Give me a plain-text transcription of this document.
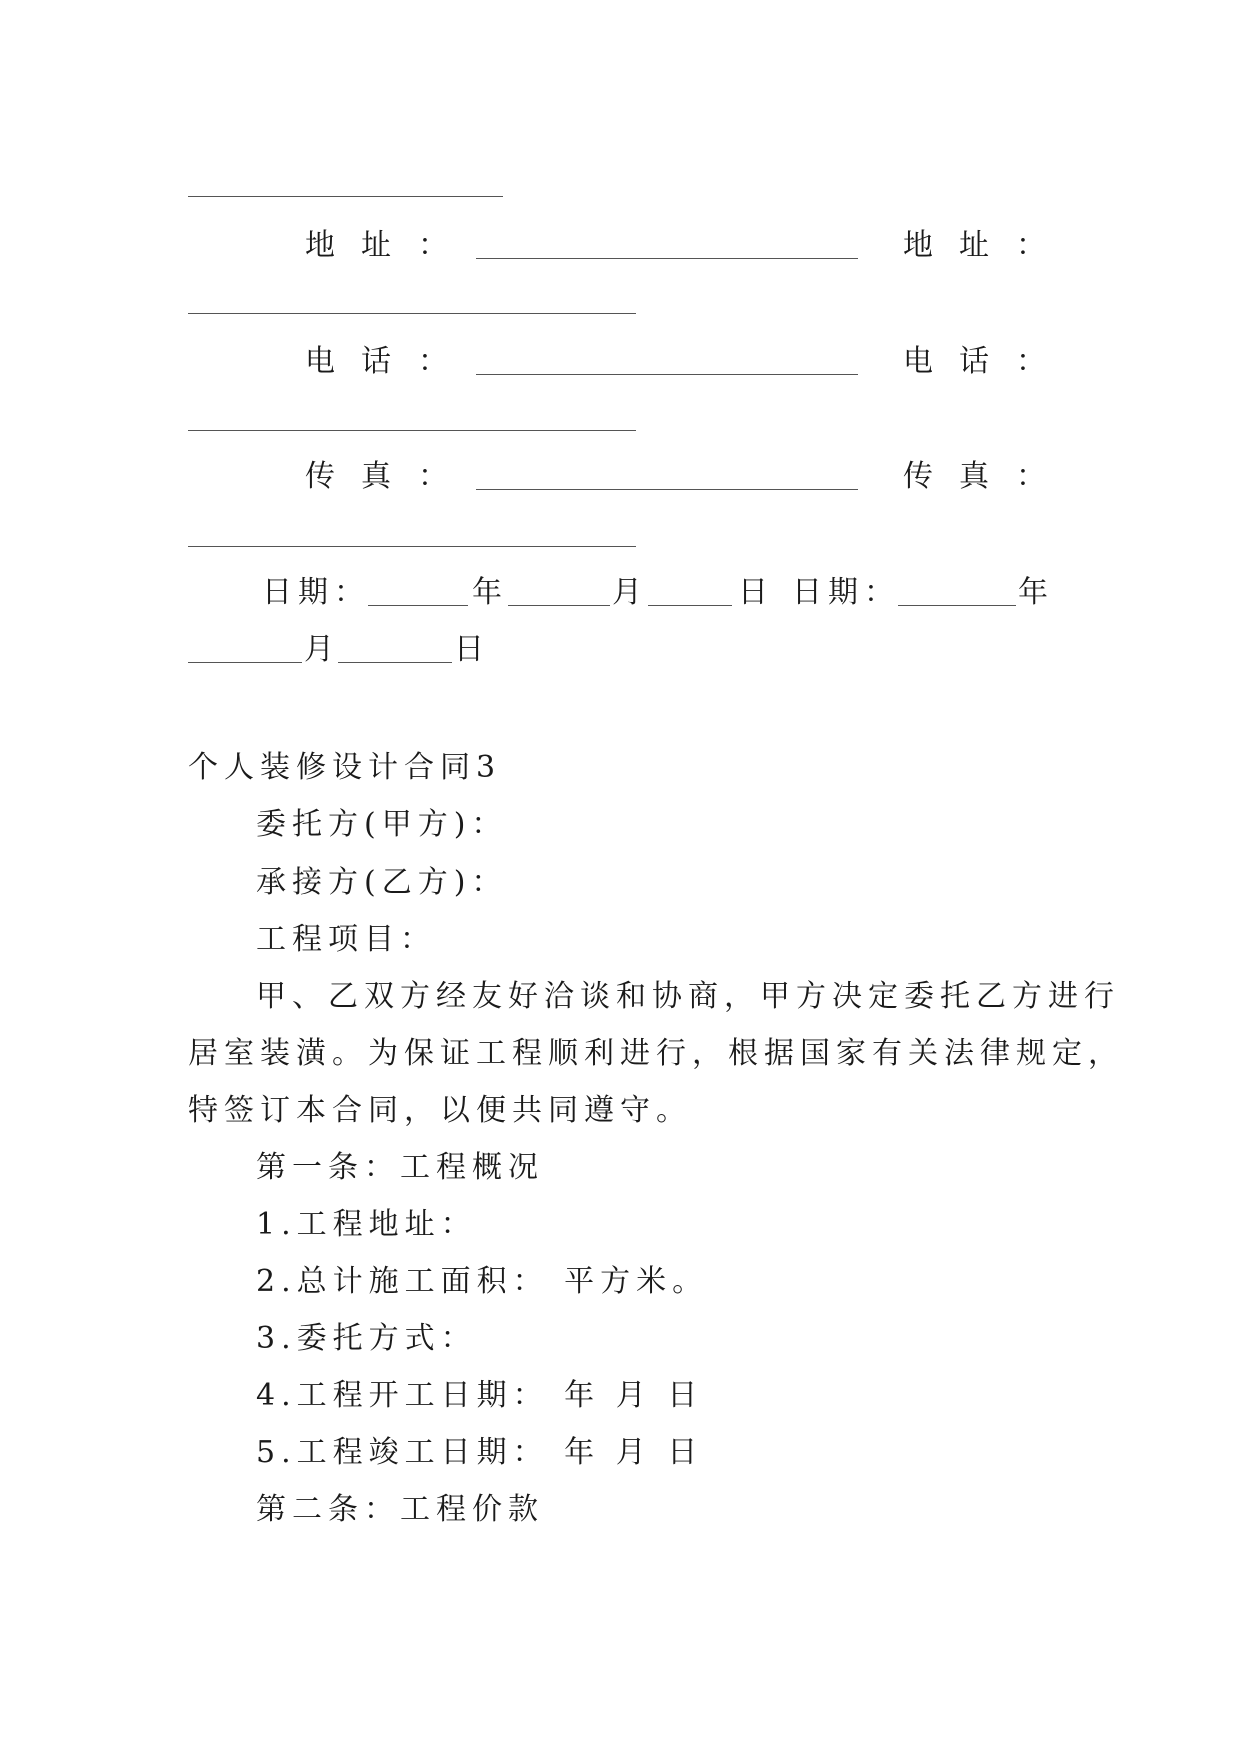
地址 ：	地址 ：
电话 ：	电话 ：
传真 ：	传真 ：
日期：	年	月	日 日期：	年
月	日
个人装修设计合同3
委托方(甲方)：
承接方(乙方)：
工程项目：
甲、乙双方经友好洽谈和协商，甲方决定委托乙方进行
居室装潢。为保证工程顺利进行，根据国家有关法律规定，
特签订本合同，以便共同遵守。
第一条：工程概况
1.工程地址：
2.总计施工面积： 平方米。
3.委托方式：
4.工程开工日期： 年 月 日
5.工程竣工日期： 年 月 日
第二条：工程价款
